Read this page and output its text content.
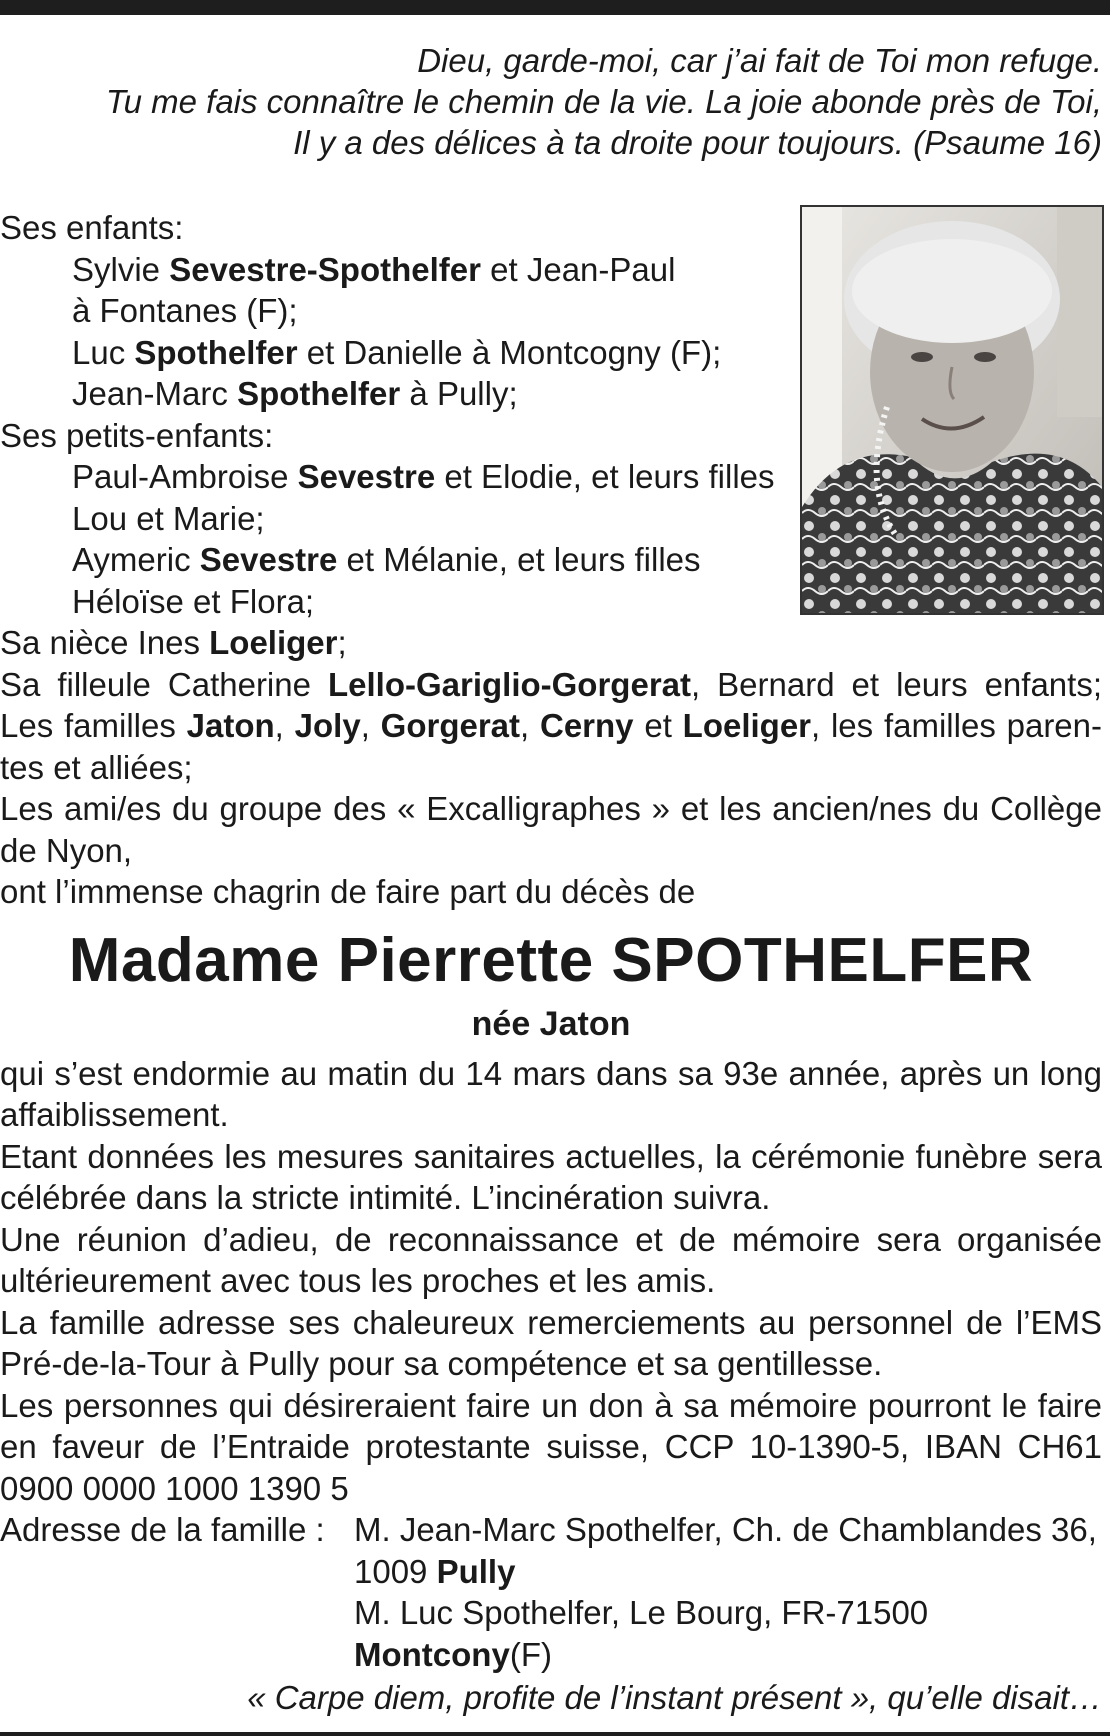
Dieu, garde-moi, car j’ai fait de Toi mon refuge.
Tu me fais connaître le chemin de la vie. La joie abonde près de Toi,
Il y a des délices à ta droite pour toujours. (Psaume 16)
Ses enfants:
Sylvie Sevestre-Spothelfer et Jean-Paul
à Fontanes (F);
Luc Spothelfer et Danielle à Montcogny (F);
Jean-Marc Spothelfer à Pully;
Ses petits-enfants:
Paul-Ambroise Sevestre et Elodie, et leurs filles
Lou et Marie;
Aymeric Sevestre et Mélanie, et leurs filles
Héloïse et Flora;
Sa nièce Ines Loeliger;
Sa filleule Catherine Lello-Gariglio-Gorgerat, Bernard et leurs enfants;
Les familles Jaton, Joly, Gorgerat, Cerny et Loeliger, les familles paren-
tes et alliées;
Les ami/es du groupe des « Excalligraphes » et les ancien/nes du Collège
de Nyon,
ont l’immense chagrin de faire part du décès de
Madame Pierrette SPOTHELFER
née Jaton
qui s’est endormie au matin du 14 mars dans sa 93e année, après un long affaiblissement.
Etant données les mesures sanitaires actuelles, la cérémonie funèbre sera célébrée dans la stricte intimité. L’incinération suivra.
Une réunion d’adieu, de reconnaissance et de mémoire sera organisée ultérieurement avec tous les proches et les amis.
La famille adresse ses chaleureux remerciements au personnel de l’EMS Pré-de-la-Tour à Pully pour sa compétence et sa gentillesse.
Les personnes qui désireraient faire un don à sa mémoire pourront le faire en faveur de l’Entraide protestante suisse, CCP 10-1390-5, IBAN CH61 0900 0000 1000 1390 5
Adresse de la famille : M. Jean-Marc Spothelfer, Ch. de Chamblandes 36,
1009 Pully
M. Luc Spothelfer, Le Bourg, FR-71500 Montcony(F)
« Carpe diem, profite de l’instant présent », qu’elle disait…
